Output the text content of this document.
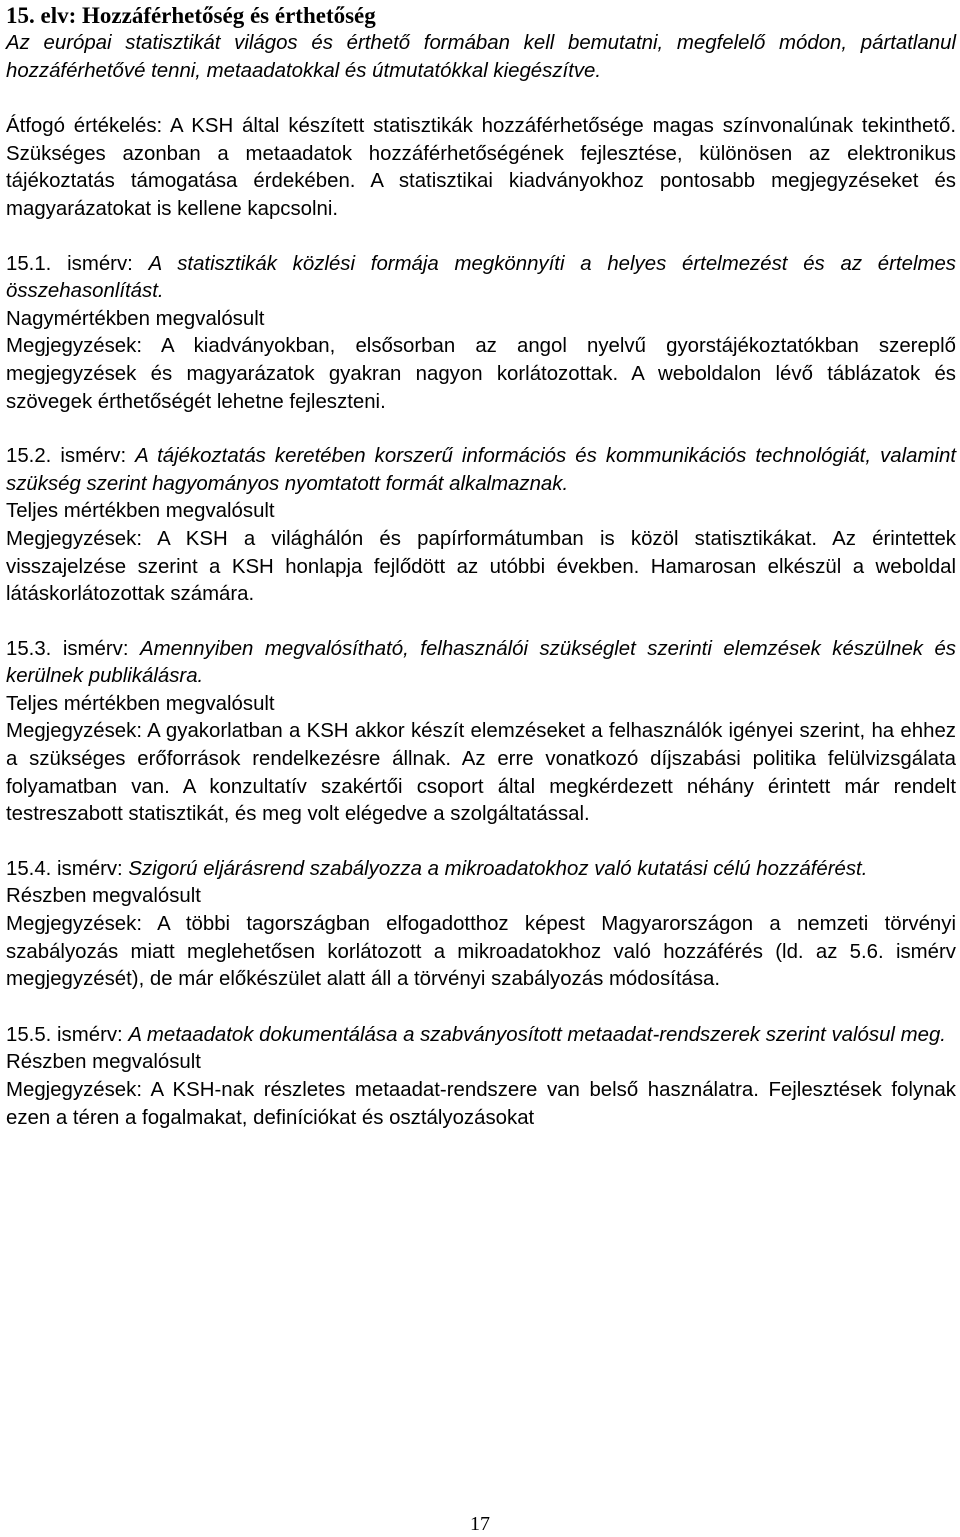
15. elv: Hozzáférhetőség és érthetőség

Az európai statisztikát világos és érthető formában kell bemutatni, megfelelő módon, pártatlanul hozzáférhetővé tenni, metaadatokkal és útmutatókkal kiegészítve.

Átfogó értékelés: A KSH által készített statisztikák hozzáférhetősége magas színvonalúnak tekinthető. Szükséges azonban a metaadatok hozzáférhetőségének fejlesztése, különösen az elektronikus tájékoztatás támogatása érdekében. A statisztikai kiadványokhoz pontosabb megjegyzéseket és magyarázatokat is kellene kapcsolni.

15.1. ismérv: A statisztikák közlési formája megkönnyíti a helyes értelmezést és az értelmes összehasonlítást.

Nagymértékben megvalósult

Megjegyzések: A kiadványokban, elsősorban az angol nyelvű gyorstájékoztatókban szereplő megjegyzések és magyarázatok gyakran nagyon korlátozottak. A weboldalon lévő táblázatok és szövegek érthetőségét lehetne fejleszteni.

15.2. ismérv: A tájékoztatás keretében korszerű információs és kommunikációs technológiát, valamint szükség szerint hagyományos nyomtatott formát alkalmaznak.

Teljes mértékben megvalósult

Megjegyzések: A KSH a világhálón és papírformátumban is közöl statisztikákat. Az érintettek visszajelzése szerint a KSH honlapja fejlődött az utóbbi években. Hamarosan elkészül a weboldal látáskorlátozottak számára.

15.3. ismérv: Amennyiben megvalósítható, felhasználói szükséglet szerinti elemzések készülnek és kerülnek publikálásra.

Teljes mértékben megvalósult

Megjegyzések: A gyakorlatban a KSH akkor készít elemzéseket a felhasználók igényei szerint, ha ehhez a szükséges erőforrások rendelkezésre állnak. Az erre vonatkozó díjszabási politika felülvizsgálata folyamatban van. A konzultatív szakértői csoport által megkérdezett néhány érintett már rendelt testreszabott statisztikát, és meg volt elégedve a szolgáltatással.

15.4. ismérv: Szigorú eljárásrend szabályozza a mikroadatokhoz való kutatási célú hozzáférést.

Részben megvalósult

Megjegyzések: A többi tagországban elfogadotthoz képest Magyarországon a nemzeti törvényi szabályozás miatt meglehetősen korlátozott a mikroadatokhoz való hozzáférés (ld. az 5.6. ismérv megjegyzését), de már előkészület alatt áll a törvényi szabályozás módosítása.

15.5. ismérv: A metaadatok dokumentálása a szabványosított metaadat-rendszerek szerint valósul meg.

Részben megvalósult

Megjegyzések: A KSH-nak részletes metaadat-rendszere van belső használatra. Fejlesztések folynak ezen a téren a fogalmakat, definíciókat és osztályozásokat

17
